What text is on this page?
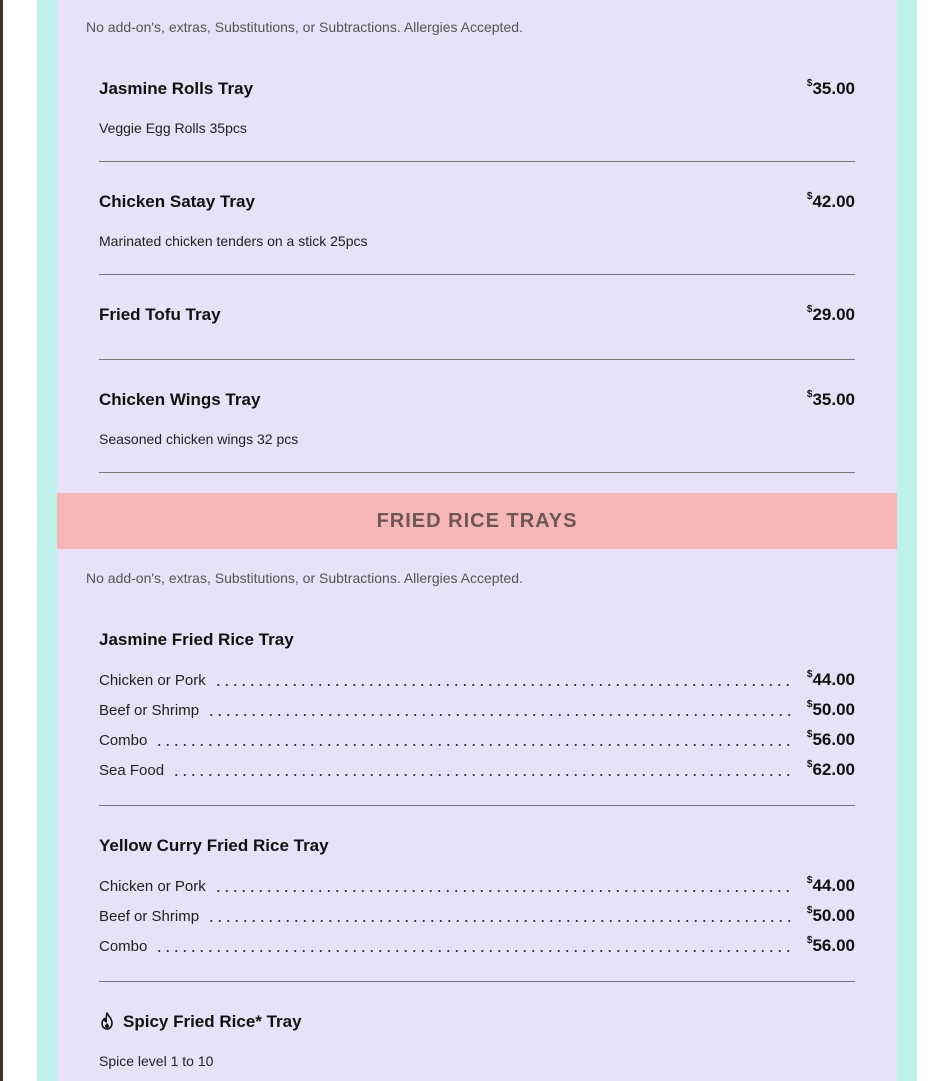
No add-on's, extras, Substitutions, or Subtractions. Allergies Accepted.
Jasmine Rolls Tray	$35.00
Veggie Egg Rolls 35pcs
Chicken Satay Tray	$42.00
Marinated chicken tenders on a stick 25pcs
Fried Tofu Tray	$29.00
Chicken Wings Tray	$35.00
Seasoned chicken wings 32 pcs
FRIED RICE TRAYS
No add-on's, extras, Substitutions, or Subtractions. Allergies Accepted.
Jasmine Fried Rice Tray
Chicken or Pork	$44.00
Beef or Shrimp	$50.00
Combo	$56.00
Sea Food	$62.00
Yellow Curry Fried Rice Tray
Chicken or Pork	$44.00
Beef or Shrimp	$50.00
Combo	$56.00
Spicy Fried Rice* Tray
Spice level 1 to 10
